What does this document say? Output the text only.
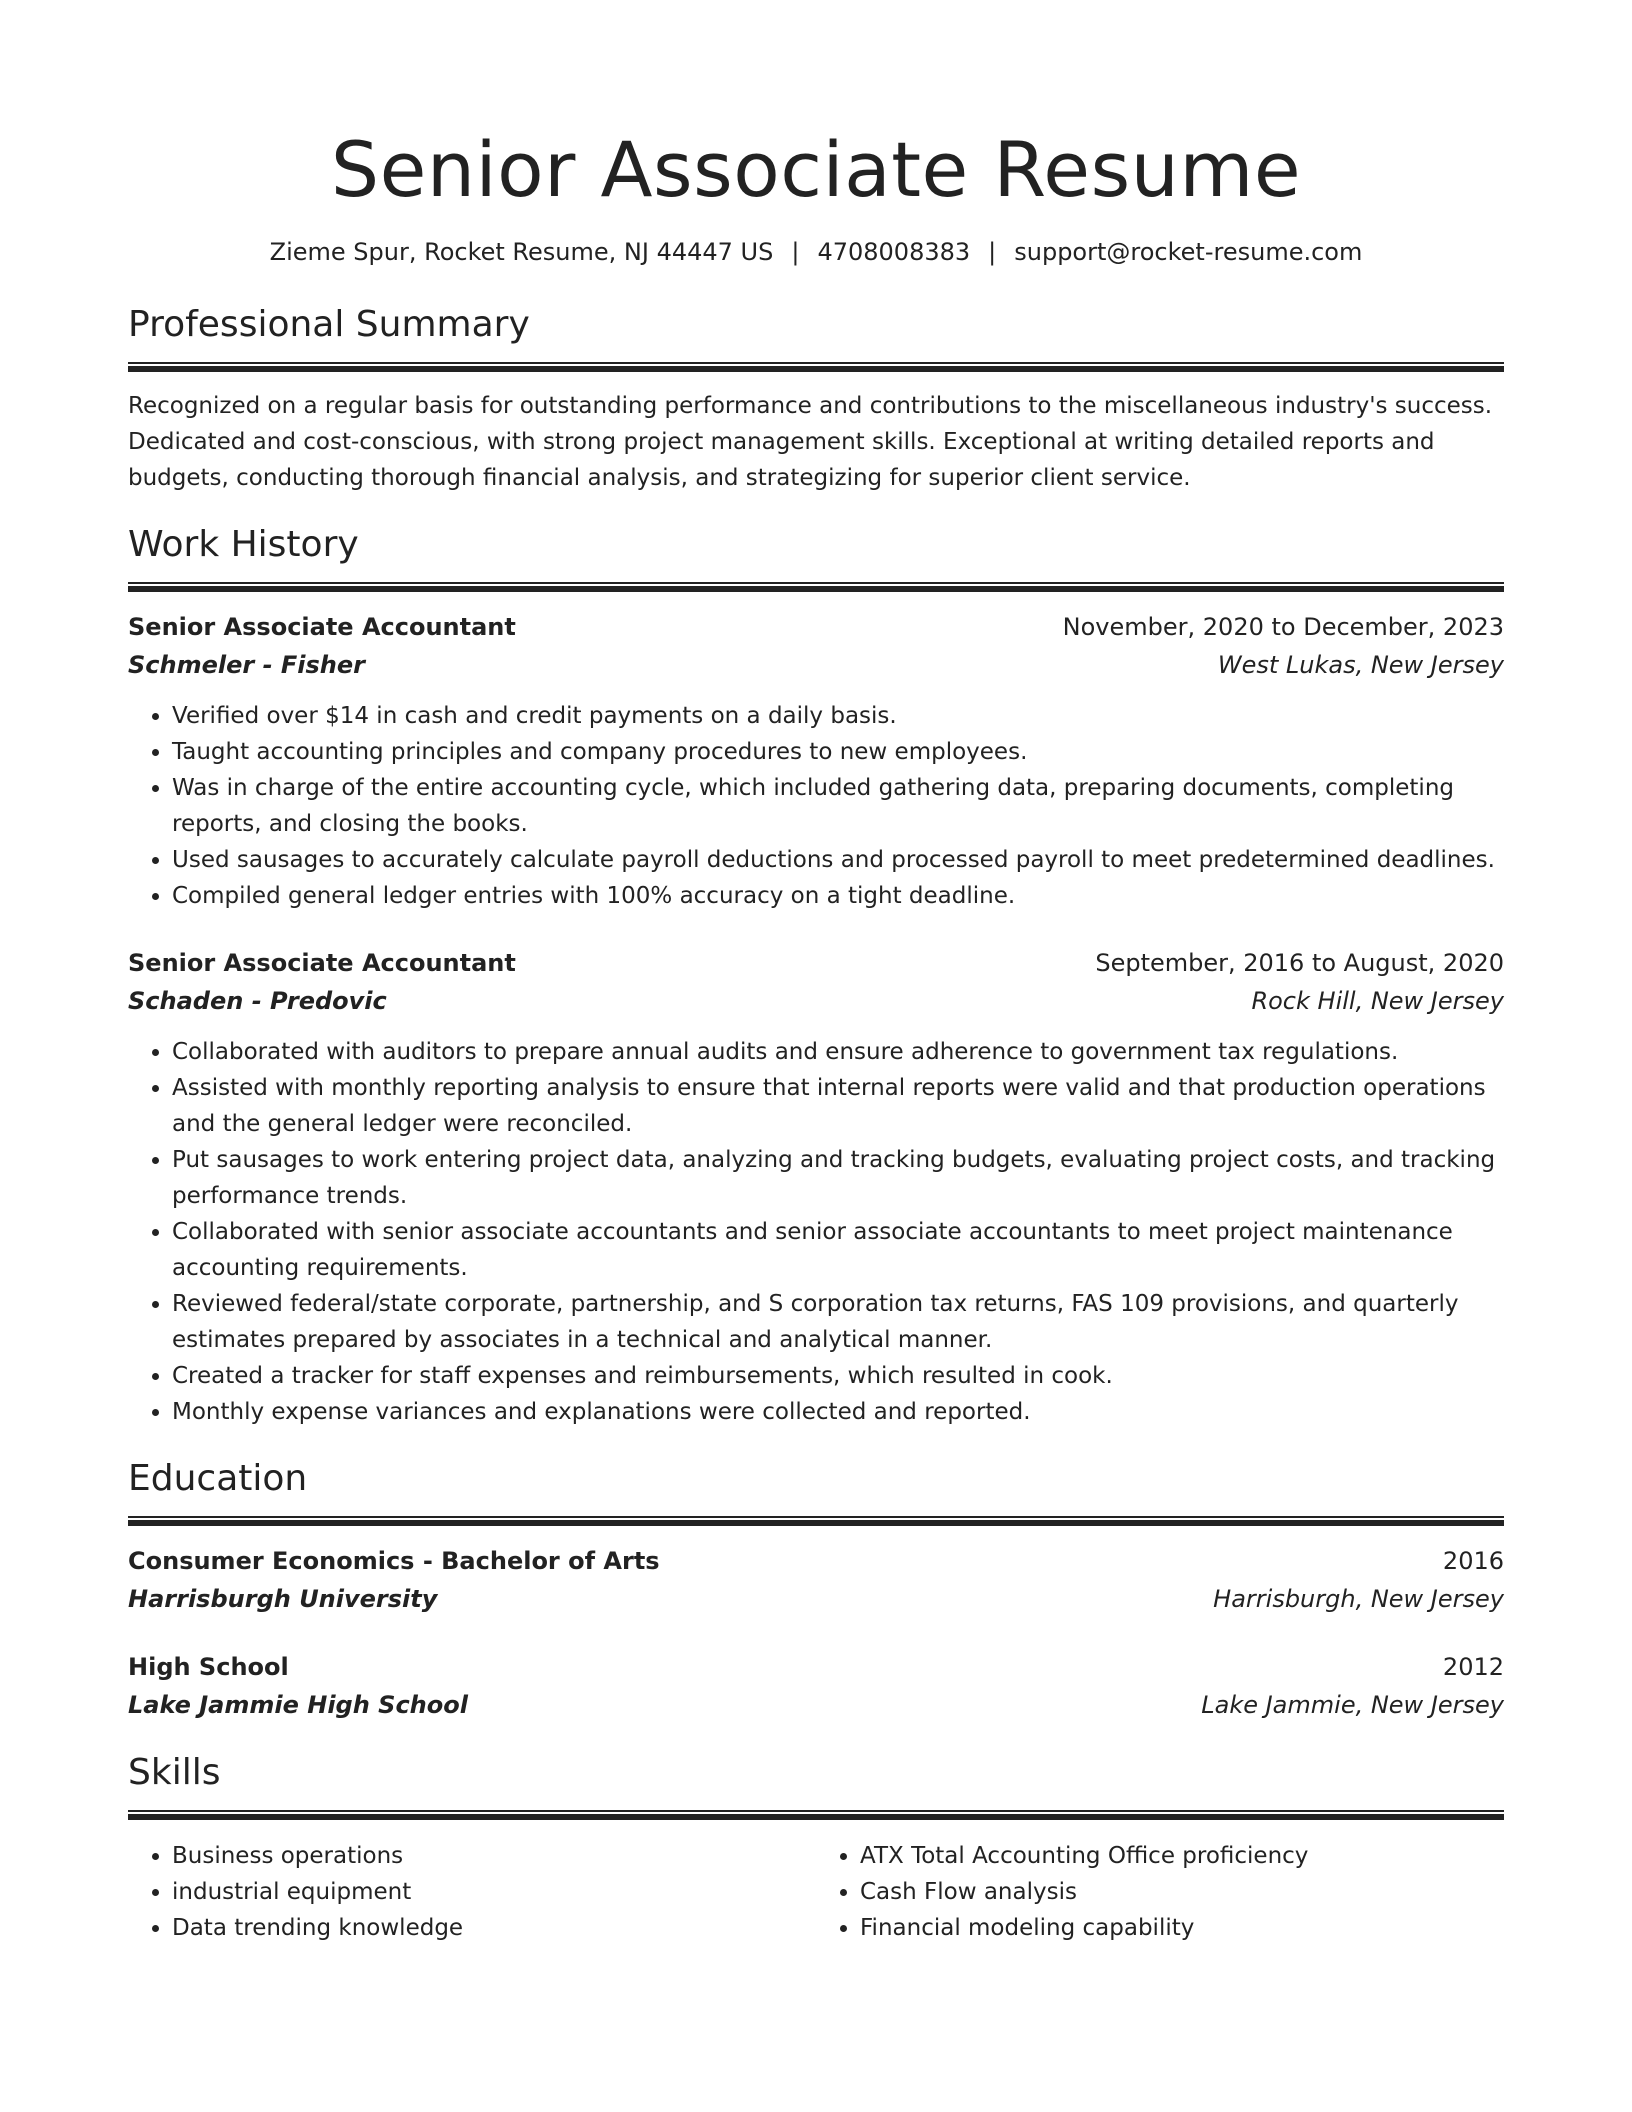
Senior Associate Resume
Zieme Spur, Rocket Resume, NJ 44447 US | 4708008383 | support@rocket-resume.com
Professional Summary
Recognized on a regular basis for outstanding performance and contributions to the miscellaneous industry's success. Dedicated and cost-conscious, with strong project management skills. Exceptional at writing detailed reports and budgets, conducting thorough financial analysis, and strategizing for superior client service.
Work History
Senior Associate Accountant	November, 2020 to December, 2023
Schmeler - Fisher	West Lukas, New Jersey
• Verified over $14 in cash and credit payments on a daily basis.
• Taught accounting principles and company procedures to new employees.
• Was in charge of the entire accounting cycle, which included gathering data, preparing documents, completing reports, and closing the books.
• Used sausages to accurately calculate payroll deductions and processed payroll to meet predetermined deadlines.
• Compiled general ledger entries with 100% accuracy on a tight deadline.
Senior Associate Accountant	September, 2016 to August, 2020
Schaden - Predovic	Rock Hill, New Jersey
• Collaborated with auditors to prepare annual audits and ensure adherence to government tax regulations.
• Assisted with monthly reporting analysis to ensure that internal reports were valid and that production operations and the general ledger were reconciled.
• Put sausages to work entering project data, analyzing and tracking budgets, evaluating project costs, and tracking performance trends.
• Collaborated with senior associate accountants and senior associate accountants to meet project maintenance accounting requirements.
• Reviewed federal/state corporate, partnership, and S corporation tax returns, FAS 109 provisions, and quarterly estimates prepared by associates in a technical and analytical manner.
• Created a tracker for staff expenses and reimbursements, which resulted in cook.
• Monthly expense variances and explanations were collected and reported.
Education
Consumer Economics - Bachelor of Arts	2016
Harrisburgh University	Harrisburgh, New Jersey
High School	2012
Lake Jammie High School	Lake Jammie, New Jersey
Skills
• Business operations
• industrial equipment
• Data trending knowledge
• ATX Total Accounting Office proficiency
• Cash Flow analysis
• Financial modeling capability
